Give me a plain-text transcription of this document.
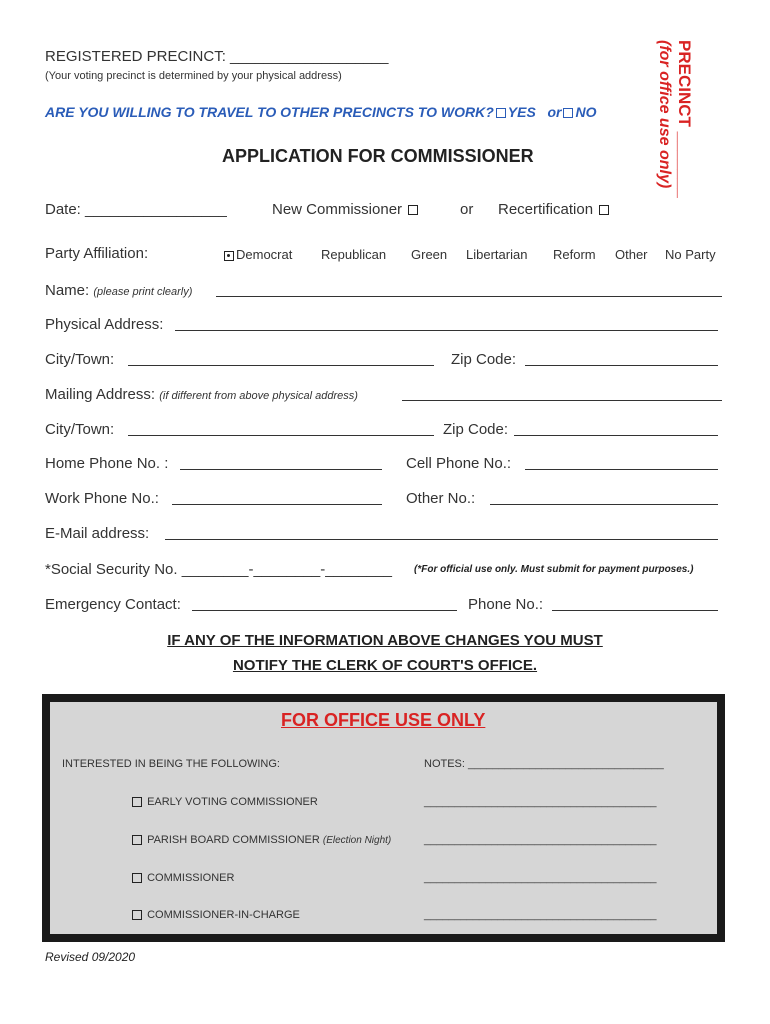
REGISTERED PRECINCT: ___________________
(Your voting precinct is determined by your physical address)
ARE YOU WILLING TO TRAVEL TO OTHER PRECINCTS TO WORK? YES or NO	PRECINCT _______
(for office use only)
APPLICATION FOR COMMISSIONER
Date: _________________	New Commissioner	or Recertification
Party Affiliation:	Democrat Republican Green Libertarian Reform Other No Party
Name: (please print clearly)
Physical Address:
City/Town:	Zip Code:
Mailing Address: (if different from above physical address)
City/Town:	Zip Code:
Home Phone No. :	Cell Phone No.:
Work Phone No.:	Other No.:
E-Mail address:
*Social Security No. ________-________-________ (*For official use only. Must submit for payment purposes.)
Emergency Contact:	Phone No.:
IF ANY OF THE INFORMATION ABOVE CHANGES YOU MUST
NOTIFY THE CLERK OF COURT'S OFFICE.
FOR OFFICE USE ONLY
INTERESTED IN BEING THE FOLLOWING:	NOTES: ________________________________
EARLY VOTING COMMISSIONER	______________________________________
PARISH BOARD COMMISSIONER (Election Night)	______________________________________
COMMISSIONER	______________________________________
COMMISSIONER-IN-CHARGE	______________________________________
Revised 09/2020
